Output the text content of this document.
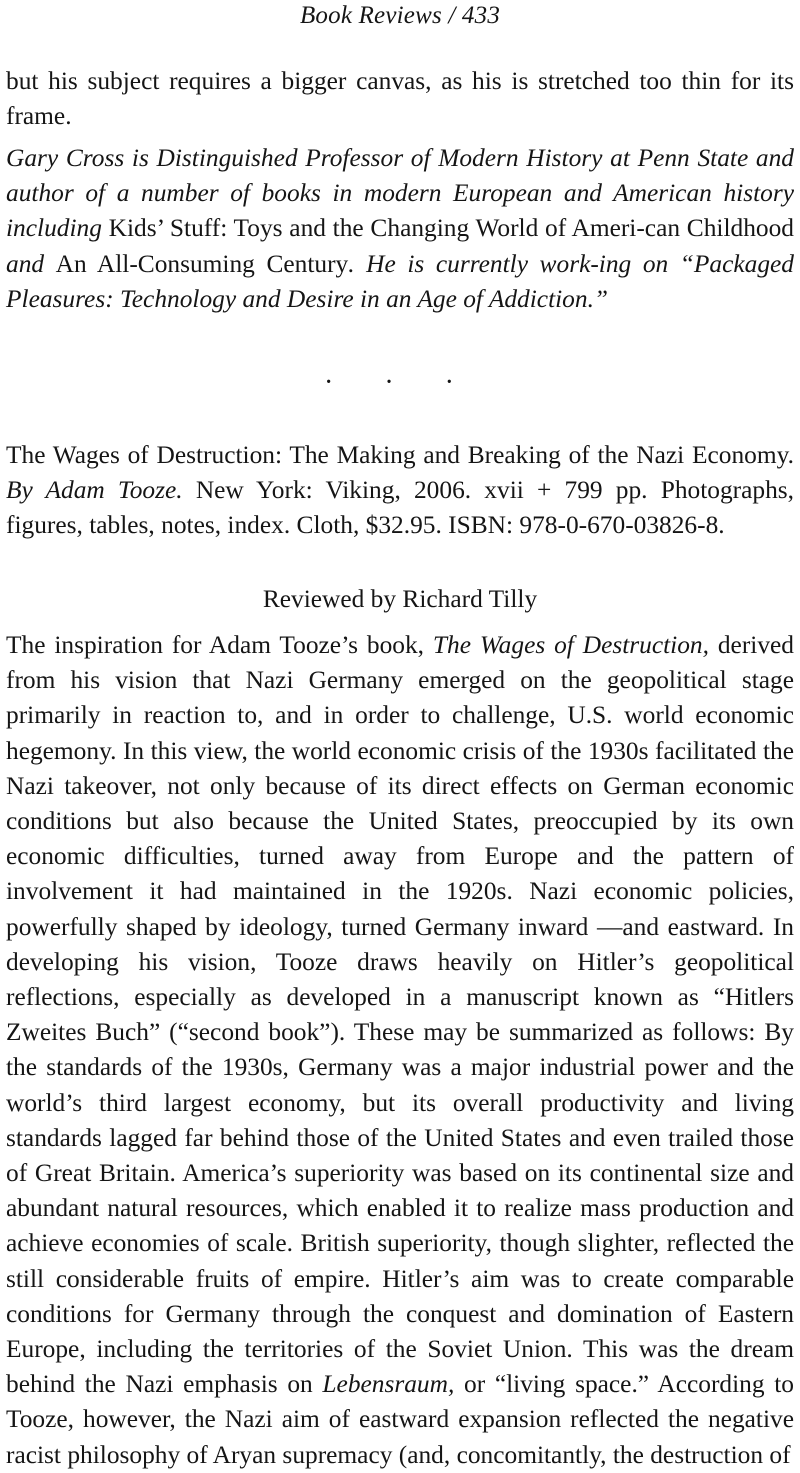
Book Reviews / 433

but his subject requires a bigger canvas, as his is stretched too thin for its frame.

Gary Cross is Distinguished Professor of Modern History at Penn State and author of a number of books in modern European and American history including Kids’ Stuff: Toys and the Changing World of Ameri-can Childhood and An All-Consuming Century. He is currently work-ing on “Packaged Pleasures: Technology and Desire in an Age of Addiction.”

· · ·

The Wages of Destruction: The Making and Breaking of the Nazi Economy. By Adam Tooze. New York: Viking, 2006. xvii + 799 pp. Photographs, figures, tables, notes, index. Cloth, $32.95. ISBN: 978-0-670-03826-8.

Reviewed by Richard Tilly

The inspiration for Adam Tooze’s book, The Wages of Destruction, derived from his vision that Nazi Germany emerged on the geopolitical stage primarily in reaction to, and in order to challenge, U.S. world economic hegemony. In this view, the world economic crisis of the 1930s facilitated the Nazi takeover, not only because of its direct effects on German economic conditions but also because the United States, preoccupied by its own economic difficulties, turned away from Europe and the pattern of involvement it had maintained in the 1920s. Nazi economic policies, powerfully shaped by ideology, turned Germany inward —and eastward. In developing his vision, Tooze draws heavily on Hitler’s geopolitical reflections, especially as developed in a manuscript known as “Hitlers Zweites Buch” (“second book”). These may be summarized as follows: By the standards of the 1930s, Germany was a major industrial power and the world’s third largest economy, but its overall productivity and living standards lagged far behind those of the United States and even trailed those of Great Britain. America’s superiority was based on its continental size and abundant natural resources, which enabled it to realize mass production and achieve economies of scale. British superiority, though slighter, reflected the still considerable fruits of empire. Hitler’s aim was to create comparable conditions for Germany through the conquest and domination of Eastern Europe, including the territories of the Soviet Union. This was the dream behind the Nazi emphasis on Lebensraum, or “living space.” According to Tooze, however, the Nazi aim of eastward expansion reflected the negative racist philosophy of Aryan supremacy (and, concomitantly, the destruction of
